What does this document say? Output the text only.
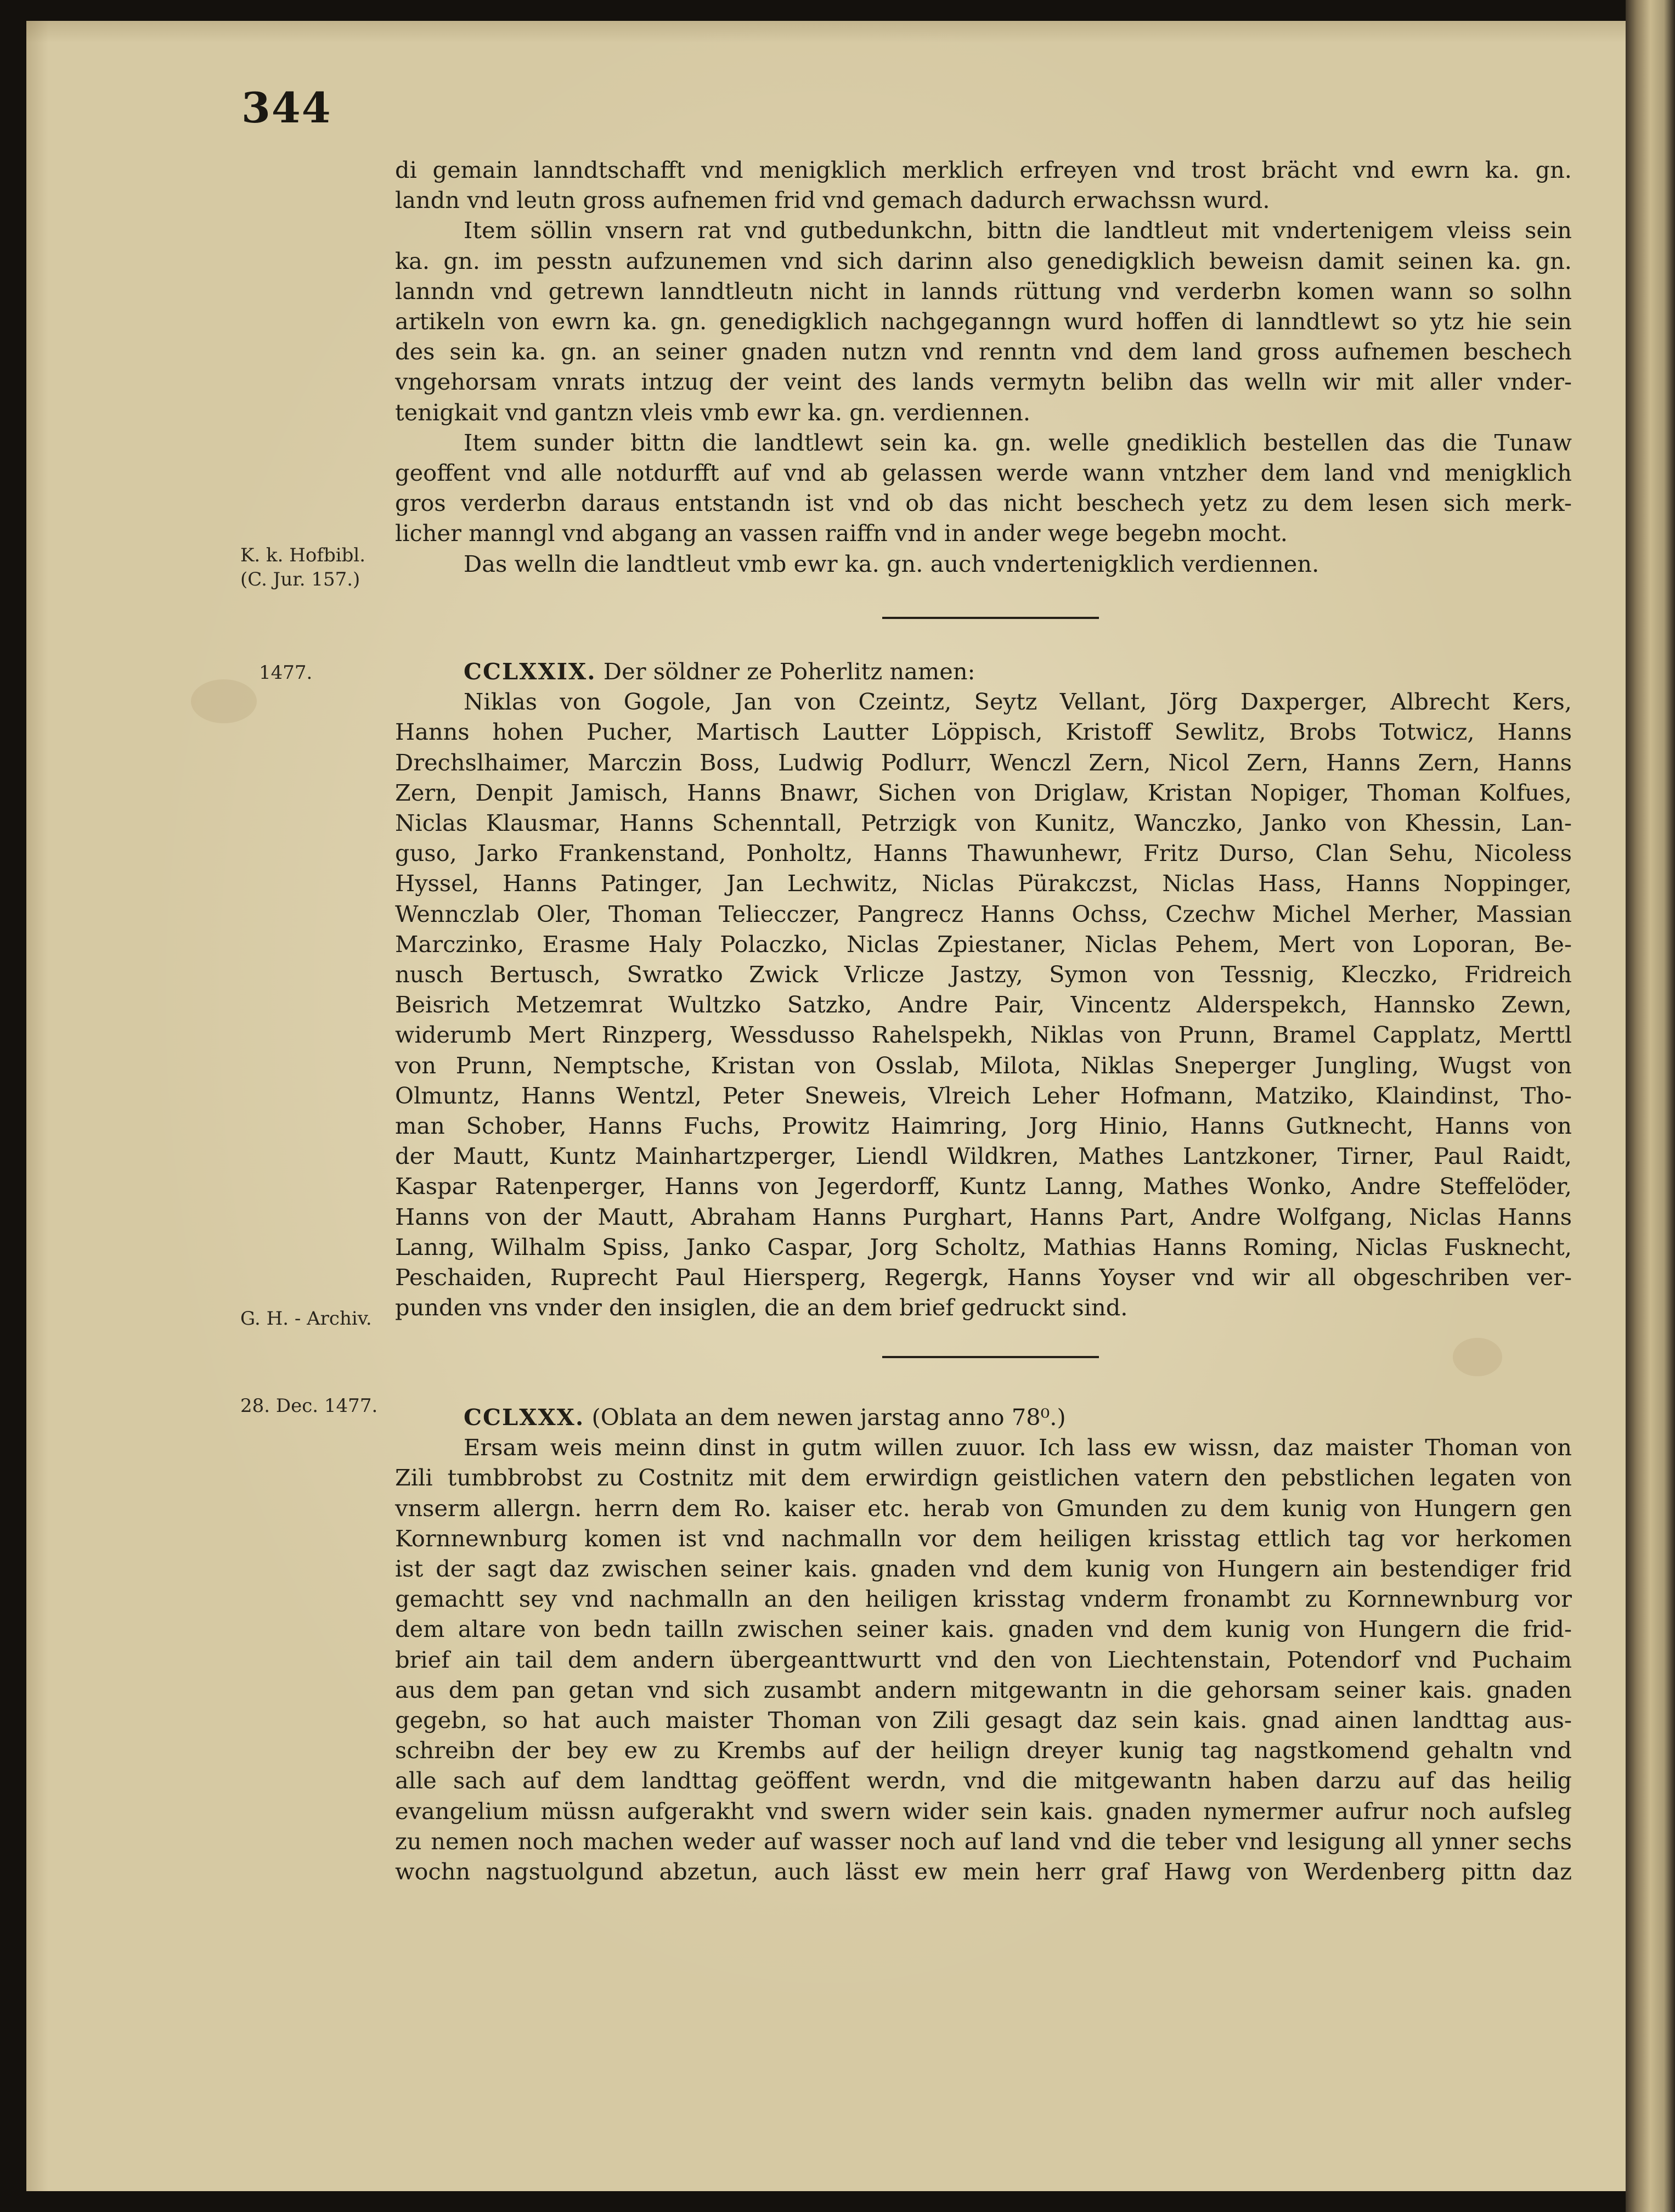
344
K. k. Hofbibl.
(C. Jur. 157.)
1477.
G. H. - Archiv.
28. Dec. 1477.
di gemain lanndtschafft vnd menigklich merklich erfreyen vnd trost brächt vnd ewrn ka. gn.
landn vnd leutn gross aufnemen frid vnd gemach dadurch erwachssn wurd.
Item söllin vnsern rat vnd gutbedunkchn, bittn die landtleut mit vndertenigem vleiss sein
ka. gn. im pesstn aufzunemen vnd sich darinn also genedigklich beweisn damit seinen ka. gn.
lanndn vnd getrewn lanndtleutn nicht in lannds rüttung vnd verderbn komen wann so solhn
artikeln von ewrn ka. gn. genedigklich nachgeganngn wurd hoffen di lanndtlewt so ytz hie sein
des sein ka. gn. an seiner gnaden nutzn vnd renntn vnd dem land gross aufnemen beschech
vngehorsam vnrats intzug der veint des lands vermytn belibn das welln wir mit aller vnder-
tenigkait vnd gantzn vleis vmb ewr ka. gn. verdiennen.
Item sunder bittn die landtlewt sein ka. gn. welle gnediklich bestellen das die Tunaw
geoffent vnd alle notdurfft auf vnd ab gelassen werde wann vntzher dem land vnd menigklich
gros verderbn daraus entstandn ist vnd ob das nicht beschech yetz zu dem lesen sich merk-
licher manngl vnd abgang an vassen raiffn vnd in ander wege begebn mocht.
Das welln die landtleut vmb ewr ka. gn. auch vndertenigklich verdiennen.
CCLXXIX. Der söldner ze Poherlitz namen:
Niklas von Gogole, Jan von Czeintz, Seytz Vellant, Jörg Daxperger, Albrecht Kers,
Hanns hohen Pucher, Martisch Lautter Löppisch, Kristoff Sewlitz, Brobs Totwicz, Hanns
Drechslhaimer, Marczin Boss, Ludwig Podlurr, Wenczl Zern, Nicol Zern, Hanns Zern, Hanns
Zern, Denpit Jamisch, Hanns Bnawr, Sichen von Driglaw, Kristan Nopiger, Thoman Kolfues,
Niclas Klausmar, Hanns Schenntall, Petrzigk von Kunitz, Wanczko, Janko von Khessin, Lan-
guso, Jarko Frankenstand, Ponholtz, Hanns Thawunhewr, Fritz Durso, Clan Sehu, Nicoless
Hyssel, Hanns Patinger, Jan Lechwitz, Niclas Pürakczst, Niclas Hass, Hanns Noppinger,
Wennczlab Oler, Thoman Teliecczer, Pangrecz Hanns Ochss, Czechw Michel Merher, Massian
Marczinko, Erasme Haly Polaczko, Niclas Zpiestaner, Niclas Pehem, Mert von Loporan, Be-
nusch Bertusch, Swratko Zwick Vrlicze Jastzy, Symon von Tessnig, Kleczko, Fridreich
Beisrich Metzemrat Wultzko Satzko, Andre Pair, Vincentz Alderspekch, Hannsko Zewn,
widerumb Mert Rinzperg, Wessdusso Rahelspekh, Niklas von Prunn, Bramel Capplatz, Merttl
von Prunn, Nemptsche, Kristan von Osslab, Milota, Niklas Sneperger Jungling, Wugst von
Olmuntz, Hanns Wentzl, Peter Sneweis, Vlreich Leher Hofmann, Matziko, Klaindinst, Tho-
man Schober, Hanns Fuchs, Prowitz Haimring, Jorg Hinio, Hanns Gutknecht, Hanns von
der Mautt, Kuntz Mainhartzperger, Liendl Wildkren, Mathes Lantzkoner, Tirner, Paul Raidt,
Kaspar Ratenperger, Hanns von Jegerdorff, Kuntz Lanng, Mathes Wonko, Andre Steffelöder,
Hanns von der Mautt, Abraham Hanns Purghart, Hanns Part, Andre Wolfgang, Niclas Hanns
Lanng, Wilhalm Spiss, Janko Caspar, Jorg Scholtz, Mathias Hanns Roming, Niclas Fusknecht,
Peschaiden, Ruprecht Paul Hiersperg, Regergk, Hanns Yoyser vnd wir all obgeschriben ver-
punden vns vnder den insiglen, die an dem brief gedruckt sind.
CCLXXX. (Oblata an dem newen jarstag anno 78⁰.)
Ersam weis meinn dinst in gutm willen zuuor. Ich lass ew wissn, daz maister Thoman von
Zili tumbbrobst zu Costnitz mit dem erwirdign geistlichen vatern den pebstlichen legaten von
vnserm allergn. herrn dem Ro. kaiser etc. herab von Gmunden zu dem kunig von Hungern gen
Kornnewnburg komen ist vnd nachmalln vor dem heiligen krisstag ettlich tag vor herkomen
ist der sagt daz zwischen seiner kais. gnaden vnd dem kunig von Hungern ain bestendiger frid
gemachtt sey vnd nachmalln an den heiligen krisstag vnderm fronambt zu Kornnewnburg vor
dem altare von bedn tailln zwischen seiner kais. gnaden vnd dem kunig von Hungern die frid-
brief ain tail dem andern übergeanttwurtt vnd den von Liechtenstain, Potendorf vnd Puchaim
aus dem pan getan vnd sich zusambt andern mitgewantn in die gehorsam seiner kais. gnaden
gegebn, so hat auch maister Thoman von Zili gesagt daz sein kais. gnad ainen landttag aus-
schreibn der bey ew zu Krembs auf der heilign dreyer kunig tag nagstkomend gehaltn vnd
alle sach auf dem landttag geöffent werdn, vnd die mitgewantn haben darzu auf das heilig
evangelium müssn aufgerakht vnd swern wider sein kais. gnaden nymermer aufrur noch aufsleg
zu nemen noch machen weder auf wasser noch auf land vnd die teber vnd lesigung all ynner sechs
wochn nagstuolgund abzetun, auch lässt ew mein herr graf Hawg von Werdenberg pittn daz
